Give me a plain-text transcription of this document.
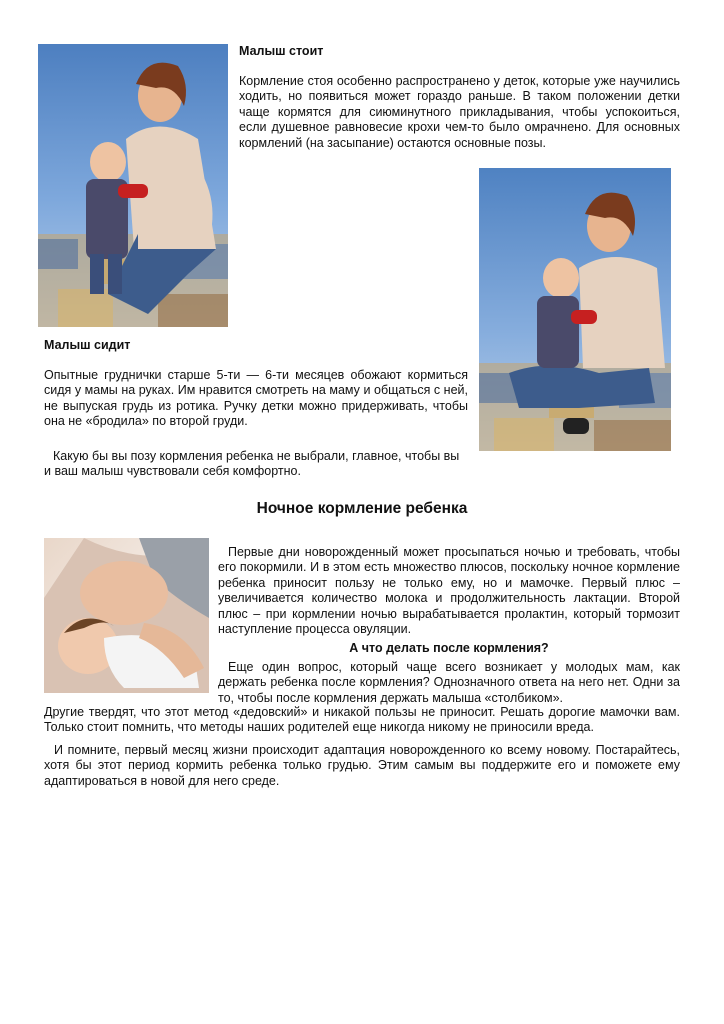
Малыш стоит
Кормление стоя особенно распространено у деток, которые уже научились ходить, но появиться может гораздо раньше. В таком положении детки чаще кормятся для сиюминутного прикладывания, чтобы успокоиться, если душевное равновесие крохи чем-то было омрачнено. Для основных кормлений (на засыпание) остаются основные позы.
Малыш сидит
Опытные груднички старше 5-ти — 6-ти месяцев обожают кормиться сидя у мамы на руках. Им нравится смотреть на маму и общаться с ней, не выпуская грудь из ротика. Ручку детки можно придерживать, чтобы она не «бродила» по второй груди.
Какую бы вы позу кормления ребенка не выбрали, главное, чтобы вы и ваш малыш чувствовали себя комфортно.
Ночное кормление ребенка
Первые дни новорожденный может просыпаться ночью и требовать, чтобы его покормили. И в этом есть множество плюсов, поскольку ночное кормление ребенка приносит пользу не только ему, но и мамочке. Первый плюс – увеличивается количество молока и продолжительность лактации. Второй плюс – при кормлении ночью вырабатывается пролактин, который тормозит наступление процесса овуляции.
А что делать после кормления?
Еще один вопрос, который чаще всего возникает у молодых мам, как держать ребенка после кормления? Однозначного ответа на него нет. Одни за то, чтобы после кормления держать малыша «столбиком».
Другие твердят, что этот метод «дедовский» и никакой пользы не приносит. Решать дорогие мамочки вам. Только стоит помнить, что методы наших родителей еще никогда никому не приносили вреда.
И помните, первый месяц жизни происходит адаптация новорожденного ко всему новому. Постарайтесь, хотя бы этот период кормить ребенка только грудью. Этим самым вы поддержите его и поможете ему адаптироваться в новой для него среде.
